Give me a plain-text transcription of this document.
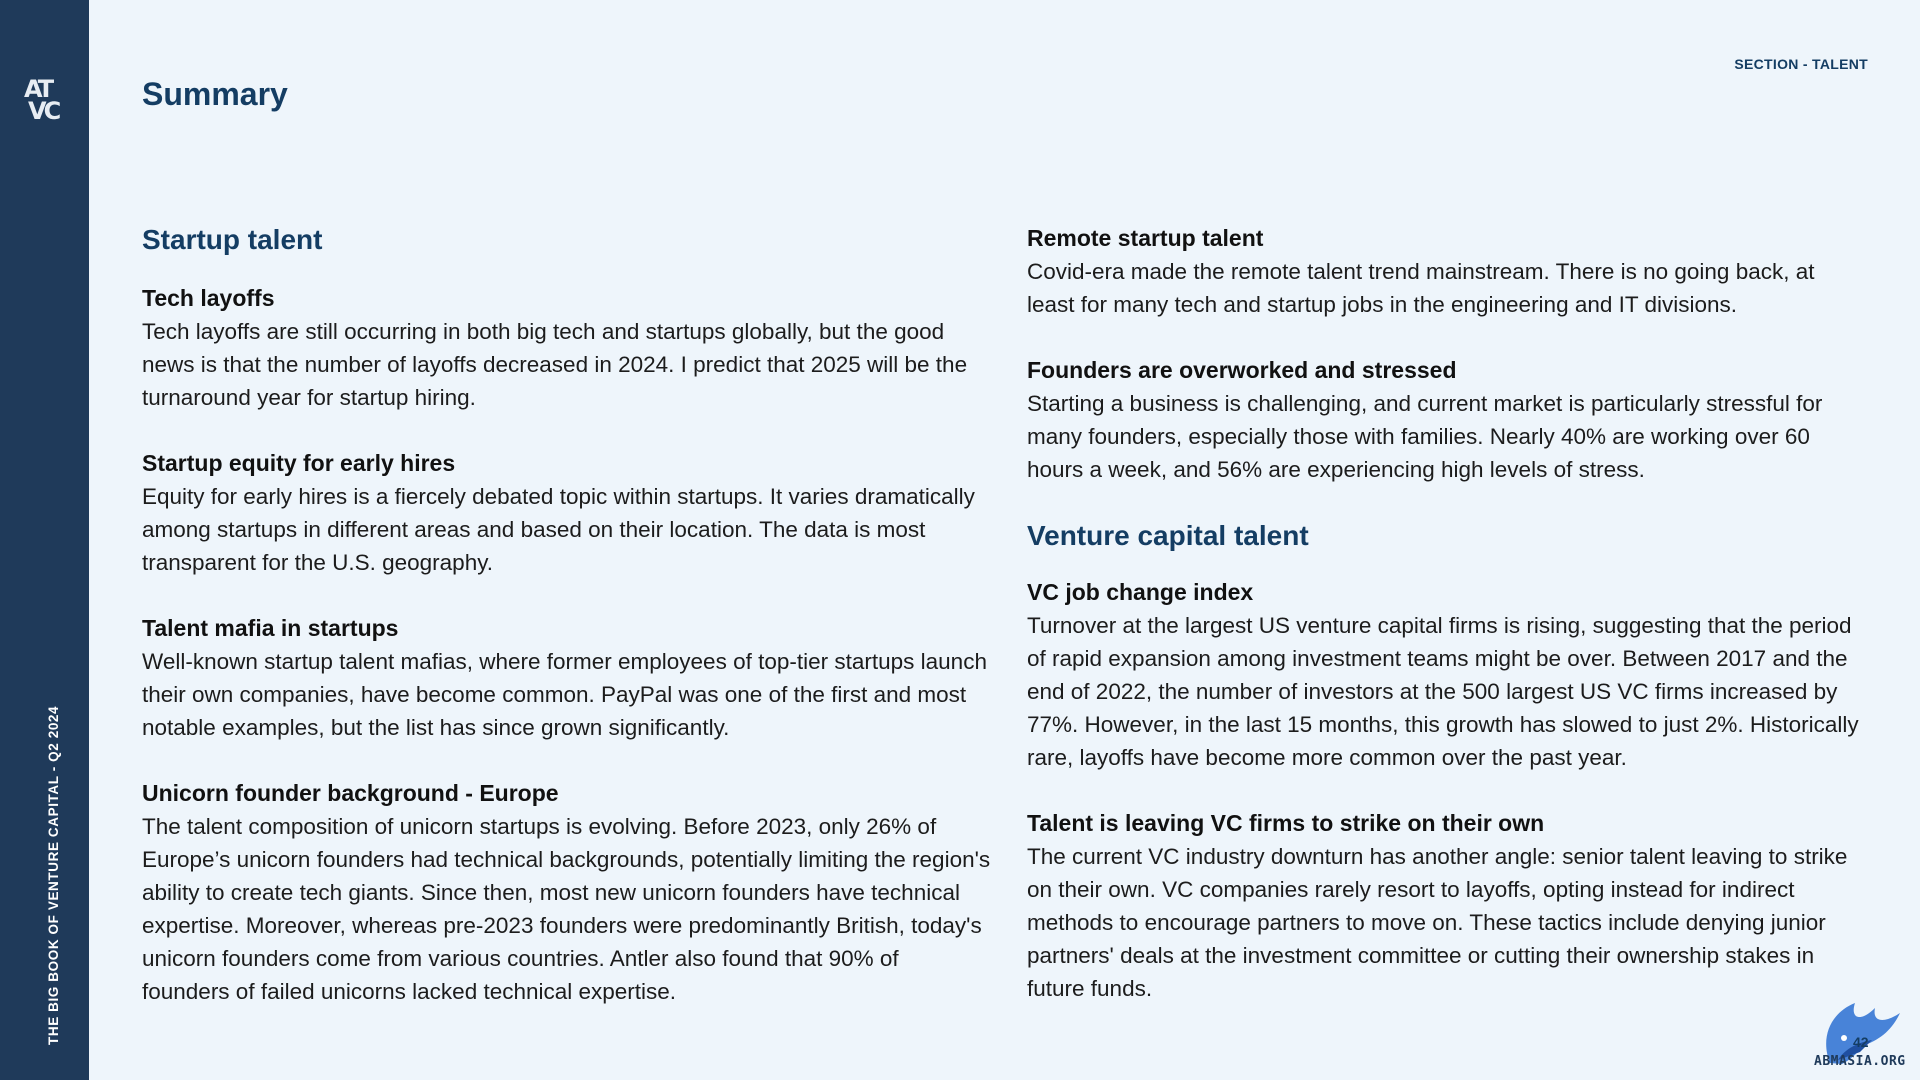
AT
VC
THE BIG BOOK OF VENTURE CAPITAL - Q2 2024
SECTION - TALENT
Summary
Startup talent

Tech layoffs

Tech layoffs are still occurring in both big tech and startups globally, but the good news is that the number of layoffs decreased in 2024. I predict that 2025 will be the turnaround year for startup hiring.

Startup equity for early hires

Equity for early hires is a fiercely debated topic within startups. It varies dramatically among startups in different areas and based on their location. The data is most transparent for the U.S. geography.

Talent mafia in startups

Well-known startup talent mafias, where former employees of top-tier startups launch their own companies, have become common. PayPal was one of the first and most notable examples, but the list has since grown significantly.

Unicorn founder background - Europe

The talent composition of unicorn startups is evolving. Before 2023, only 26% of Europe’s unicorn founders had technical backgrounds, potentially limiting the region's ability to create tech giants. Since then, most new unicorn founders have technical expertise. Moreover, whereas pre-2023 founders were predominantly British, today's unicorn founders come from various countries. Antler also found that 90% of founders of failed unicorns lacked technical expertise.

Remote startup talent

Covid-era made the remote talent trend mainstream. There is no going back, at least for many tech and startup jobs in the engineering and IT divisions.

Founders are overworked and stressed

Starting a business is challenging, and current market is particularly stressful for many founders, especially those with families. Nearly 40% are working over 60 hours a week, and 56% are experiencing high levels of stress.

Venture capital talent

VC job change index

Turnover at the largest US venture capital firms is rising, suggesting that the period of rapid expansion among investment teams might be over. Between 2017 and the end of 2022, the number of investors at the 500 largest US VC firms increased by 77%. However, in the last 15 months, this growth has slowed to just 2%. Historically rare, layoffs have become more common over the past year.

Talent is leaving VC firms to strike on their own

The current VC industry downturn has another angle: senior talent leaving to strike on their own. VC companies rarely resort to layoffs, opting instead for indirect methods to encourage partners to move on. These tactics include denying junior partners' deals at the investment committee or cutting their ownership stakes in future funds.

42
ABMASIA.ORG
